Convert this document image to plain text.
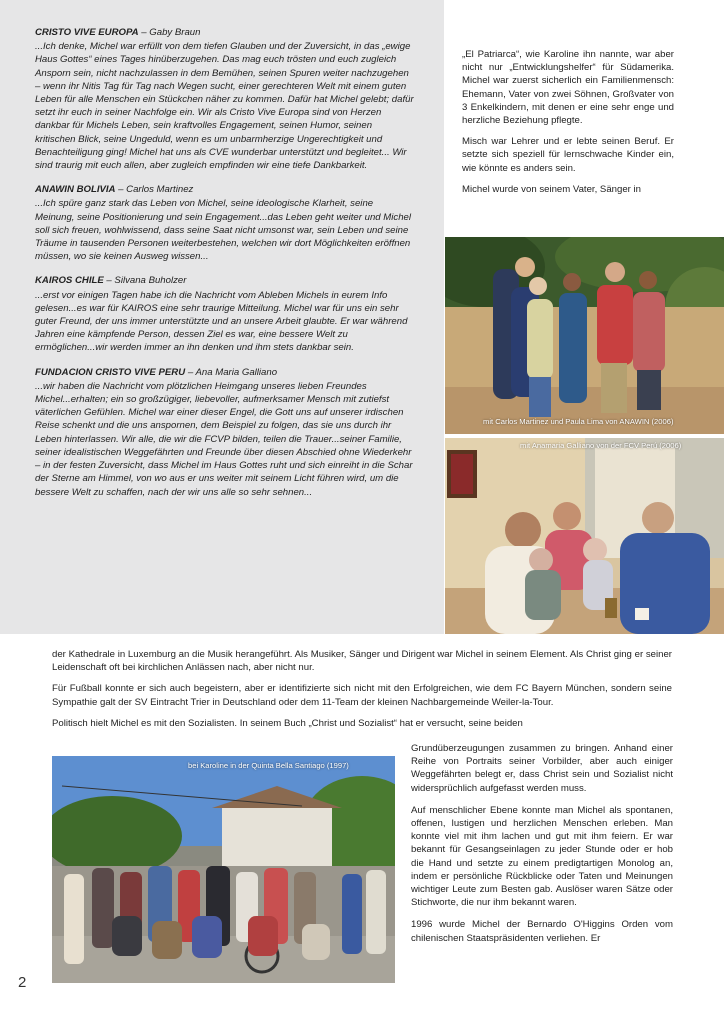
CRISTO VIVE EUROPA – Gaby Braun

...Ich denke, Michel war erfüllt von dem tiefen Glauben und der Zuversicht, in das „ewige Haus Gottes“ eines Tages hinüberzugehen. Das mag euch trösten und euch zugleich Ansporn sein, nicht nachzulassen in dem Bemühen, seinen Spuren weiter nachzugehen – wenn ihr Nitis Tag für Tag nach Wegen sucht, einer gerechteren Welt mit einem guten Leben für alle Menschen ein Stückchen näher zu kommen. Dafür hat Michel gelebt; dafür setzt ihr euch in seiner Nachfolge ein. Wir als Cristo Vive Europa sind von Herzen dankbar für Michels Leben, sein kraftvolles Engagement, seinen Humor, seinen kritischen Blick, seine Ungeduld, wenn es um unbarmherzige Ungerechtigkeit und Benachteiligung ging! Michel hat uns als CVE wunderbar unterstützt und begleitet... Wir sind traurig mit euch allen, aber zugleich empfinden wir eine tiefe Dankbarkeit.

ANAWIN BOLIVIA – Carlos Martinez

...Ich spüre ganz stark das Leben von Michel, seine ideologische Klarheit, seine Meinung, seine Positionierung und sein Engagement...das Leben geht weiter und Michel soll sich freuen, wohlwissend, dass seine Saat nicht umsonst war, sein Leben und seine Träume in tausenden Personen weiterbestehen, welchen wir dort Möglichkeiten eröffnen müssen, wo sie keinen Ausweg wissen...

KAIROS CHILE – Silvana Buholzer

...erst vor einigen Tagen habe ich die Nachricht vom Ableben Michels in eurem Info gelesen...es war für KAIROS eine sehr traurige Mitteilung. Michel war für uns ein sehr guter Freund, der uns immer unterstützte und an unsere Arbeit glaubte. Er war während Jahren eine kämpfende Person, dessen Ziel es war, eine bessere Welt zu ermöglichen...wir werden immer an ihn denken und ihm stets dankbar sein.

FUNDACION CRISTO VIVE PERU – Ana Maria Galliano

...wir haben die Nachricht vom plötzlichen Heimgang unseres lieben Freundes Michel...erhalten; ein so großzügiger, liebevoller, aufmerksamer Mensch mit zutiefst väterlichen Gefühlen. Michel war einer dieser Engel, die Gott uns auf unserer irdischen Reise schenkt und die uns anspornen, dem Beispiel zu folgen, das sie uns durch ihr Leben hinterlassen. Wir alle, die wir die FCVP bilden, teilen die Trauer...seiner Familie, seiner idealistischen Weggefährten und Freunde über diesen Abschied ohne Wiederkehr – in der festen Zuversicht, dass Michel im Haus Gottes ruht und sich einreiht in die Schar der Sterne am Himmel, von wo aus er uns weiter mit seinem Licht führen wird, um die bessere Welt zu schaffen, nach der wir uns alle so sehr sehnen...

„El Patriarca“, wie Karoline ihn nannte, war aber nicht nur „Entwicklungshelfer“ für Südamerika. Michel war zuerst sicherlich ein Familienmensch: Ehemann, Vater von zwei Söhnen, Großvater von 3 Enkelkindern, mit denen er eine sehr enge und herzliche Beziehung pflegte.

Misch war Lehrer und er lebte seinen Beruf. Er setzte sich speziell für lernschwache Kinder ein, wie könnte es anders sein.

Michel wurde von seinem Vater, Sänger in

mit Carlos Martinez und Paula Lima von ANAWIN (2006)
mit Anamaria Galliano von der FCV Perú (2006)

der Kathedrale in Luxemburg an die Musik herangeführt. Als Musiker, Sänger und Dirigent war Michel in seinem Element. Als Christ ging er seiner Leidenschaft oft bei kirchlichen Anlässen nach, aber nicht nur.

Für Fußball konnte er sich auch begeistern, aber er identifizierte sich nicht mit den Erfolgreichen, wie dem FC Bayern München, sondern seine Sympathie galt der SV Eintracht Trier in Deutschland oder dem 11-Team der kleinen Nachbargemeinde Weiler-la-Tour.

Politisch hielt Michel es mit den Sozialisten. In seinem Buch „Christ und Sozialist“ hat er versucht, seine beiden

bei Karoline in der Quinta Bella Santiago (1997)

Grundüberzeugungen zusammen zu bringen. Anhand einer Reihe von Portraits seiner Vorbilder, aber auch einiger Weggefährten belegt er, dass Christ sein und Sozialist nicht widersprüchlich aufgefasst werden muss.

Auf menschlicher Ebene konnte man Michel als spontanen, offenen, lustigen und herzlichen Menschen erleben. Man konnte viel mit ihm lachen und gut mit ihm feiern. Er war bekannt für Gesangseinlagen zu jeder Stunde oder er hob die Hand und setzte zu einem predigtartigen Monolog an, indem er persönliche Rückblicke oder Taten und Meinungen wichtiger Leute zum Besten gab. Auslöser waren Sätze oder Stichworte, die nur ihm bekannt waren.

1996 wurde Michel der Bernardo O'Higgins Orden vom chilenischen Staatspräsidenten verliehen. Er

2
